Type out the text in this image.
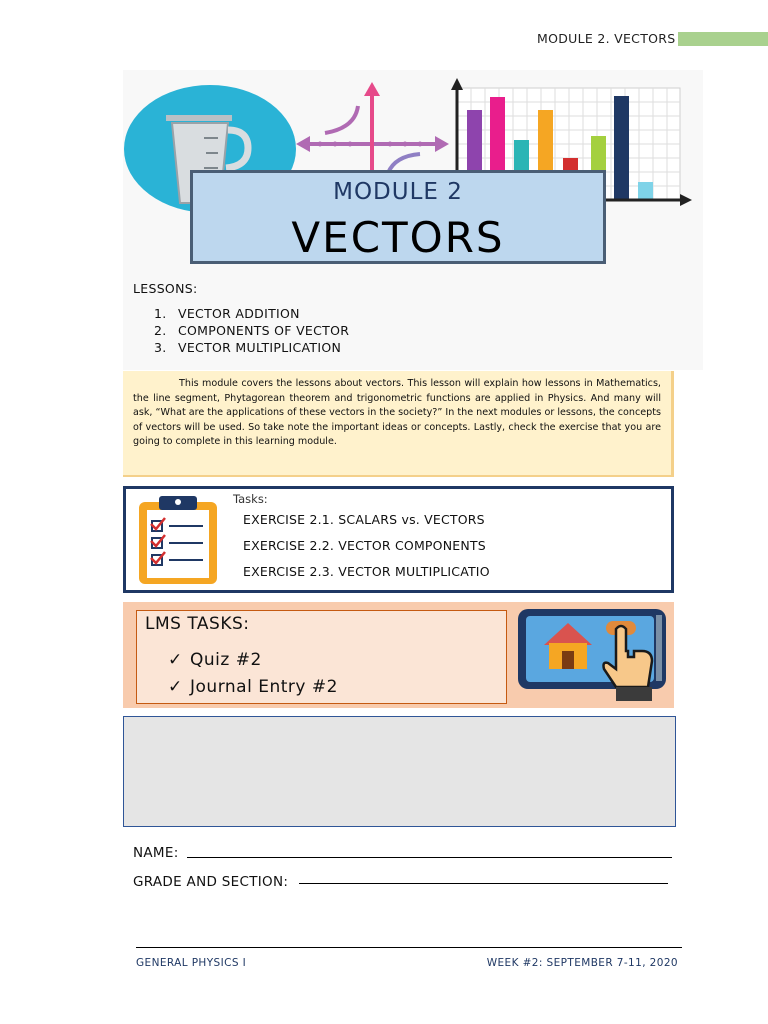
MODULE 2. VECTORS
MODULE 2
VECTORS
LESSONS:
1. VECTOR ADDITION
2. COMPONENTS OF VECTOR
3. VECTOR MULTIPLICATION
This module covers the lessons about vectors. This lesson will explain how lessons in Mathematics, the line segment, Phytagorean theorem and trigonometric functions are applied in Physics. And many will ask, “What are the applications of these vectors in the society?” In the next modules or lessons, the concepts of vectors will be used. So take note the important ideas or concepts. Lastly, check the exercise that you are going to complete in this learning module.
Tasks:
EXERCISE 2.1. SCALARS vs. VECTORS
EXERCISE 2.2. VECTOR COMPONENTS
EXERCISE 2.3. VECTOR MULTIPLICATIO
LMS TASKS:
✓ Quiz #2
✓ Journal Entry #2
NAME:
GRADE AND SECTION:
GENERAL PHYSICS I	WEEK #2: SEPTEMBER 7-11, 2020
